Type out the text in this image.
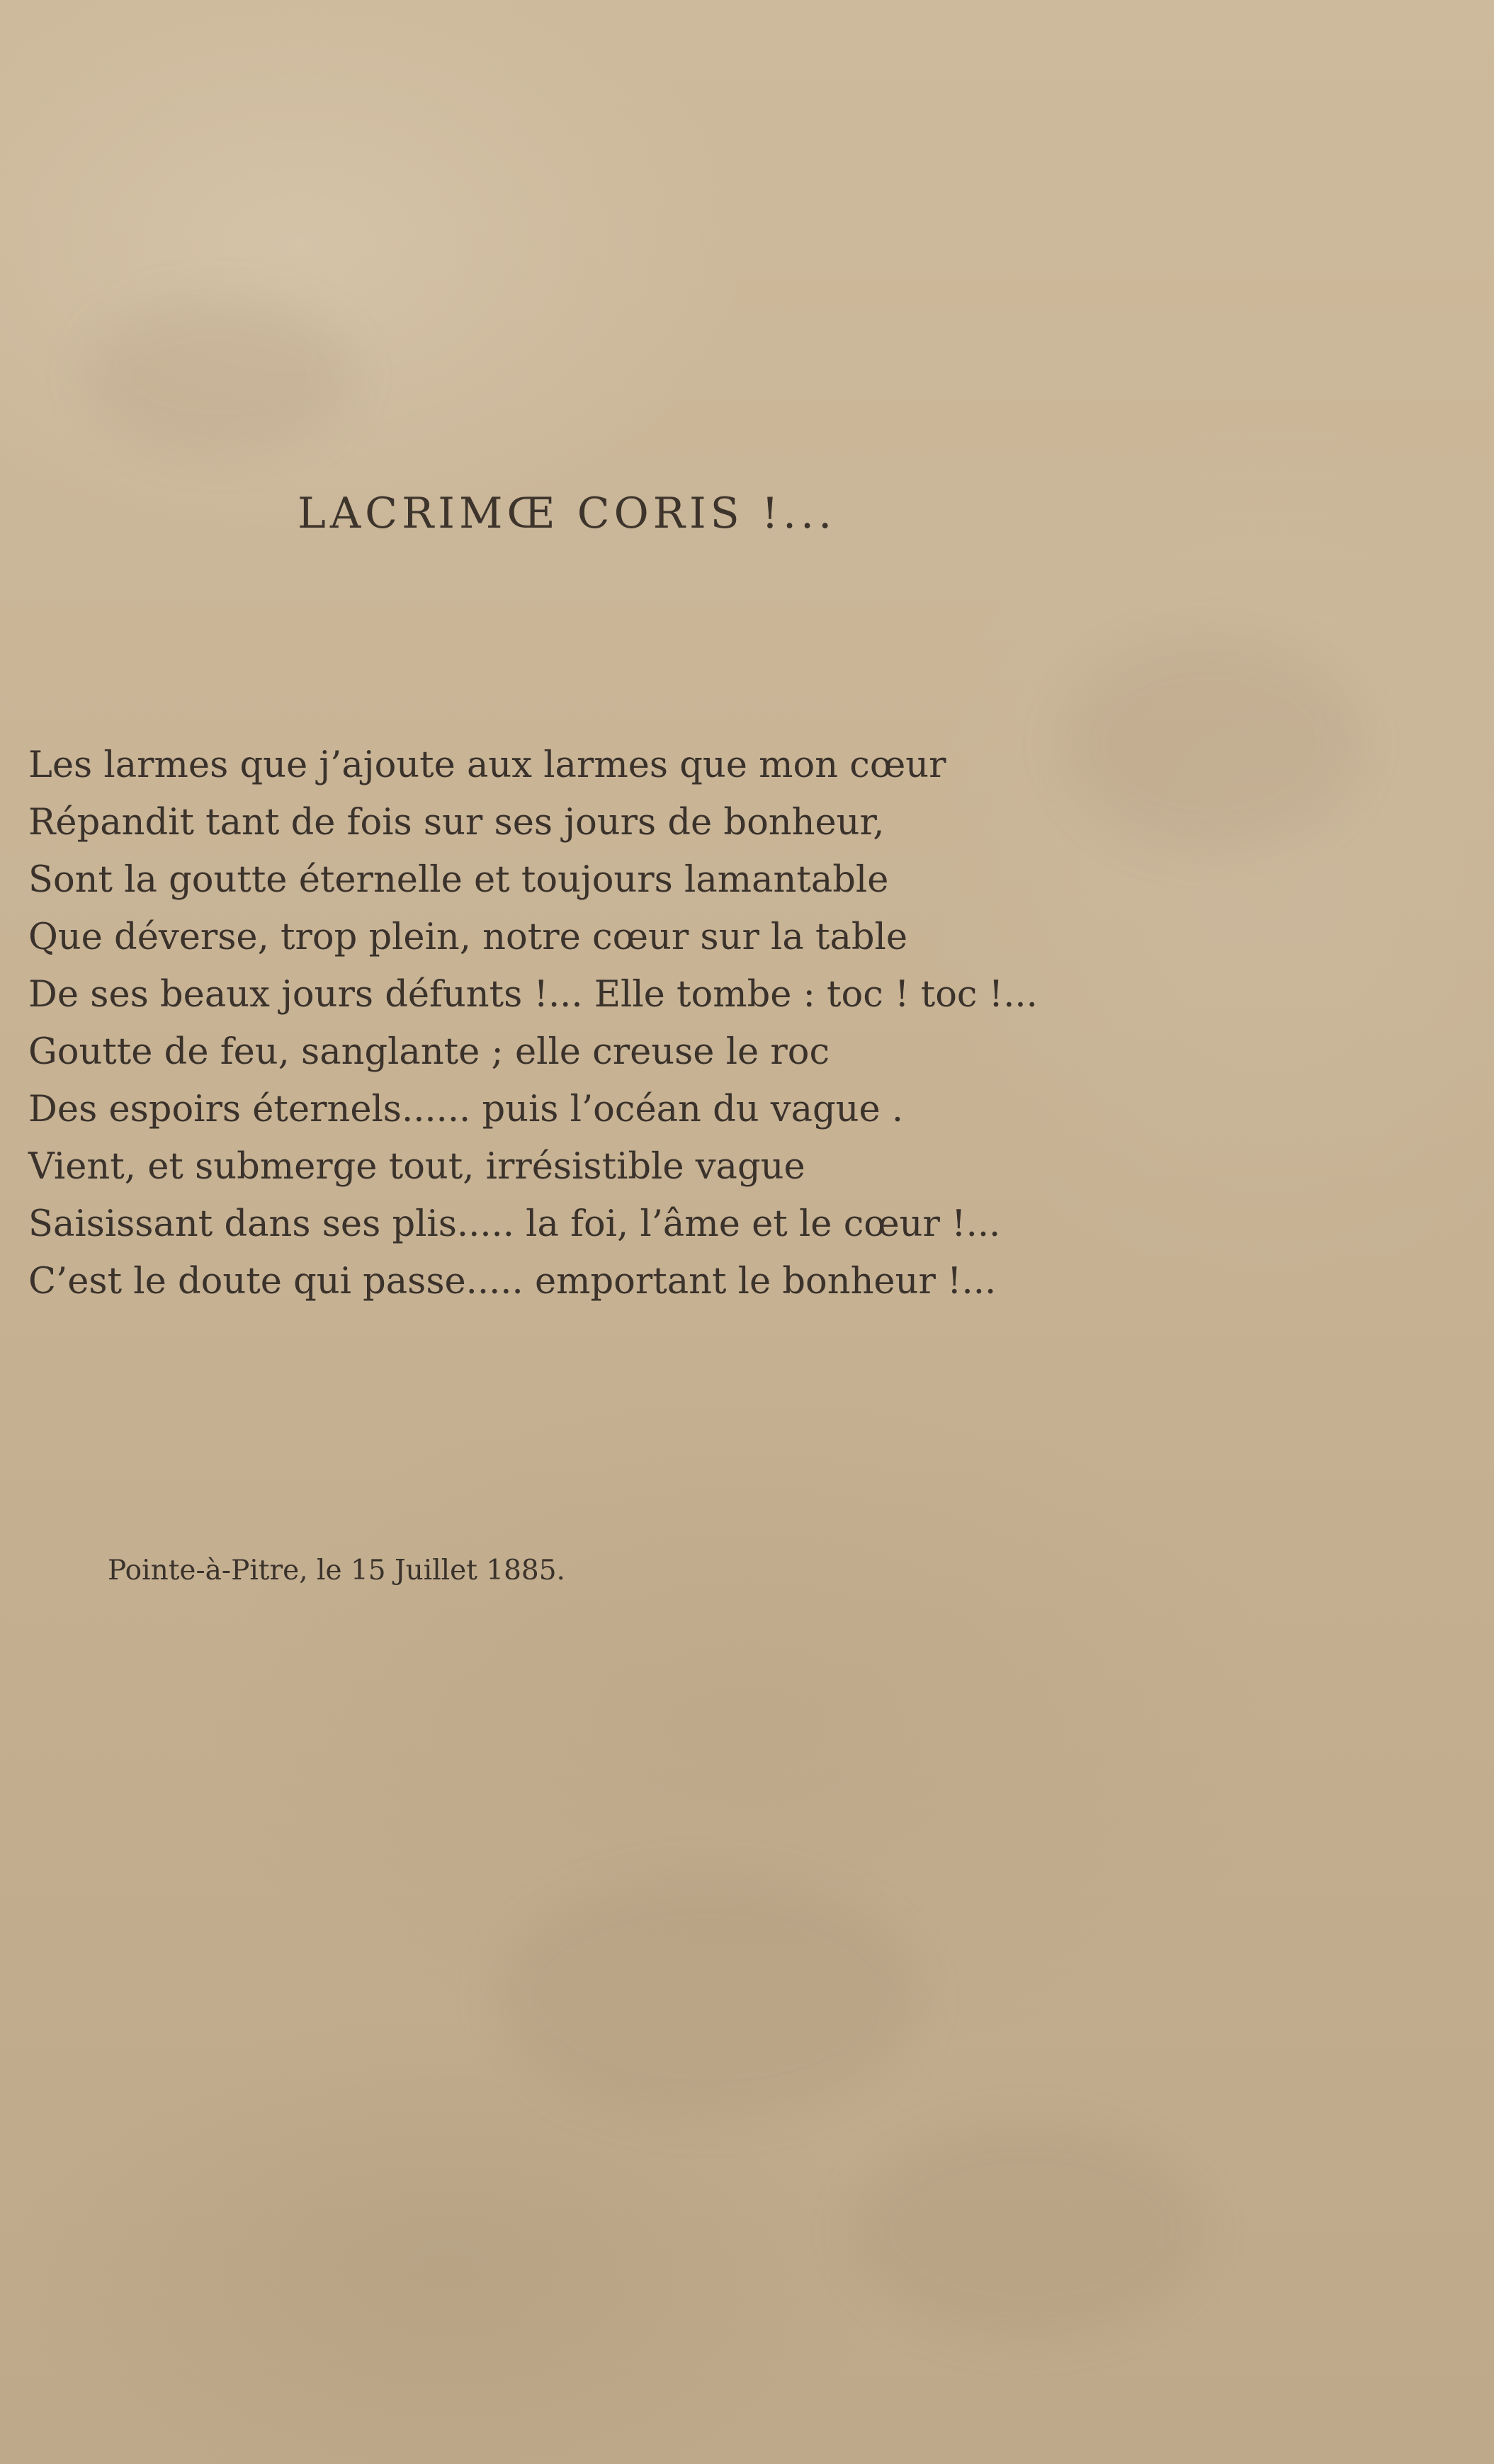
LACRIMŒ CORIS !...
Les larmes que j’ajoute aux larmes que mon cœur
Répandit tant de fois sur ses jours de bonheur,
Sont la goutte éternelle et toujours lamantable
Que déverse, trop plein, notre cœur sur la table
De ses beaux jours défunts !... Elle tombe : toc ! toc !...
Goutte de feu, sanglante ; elle creuse le roc
Des espoirs éternels...... puis l’océan du vague .
Vient, et submerge tout, irrésistible vague
Saisissant dans ses plis..... la foi, l’âme et le cœur !...
C’est le doute qui passe..... emportant le bonheur !...
Pointe-à-Pitre, le 15 Juillet 1885.
